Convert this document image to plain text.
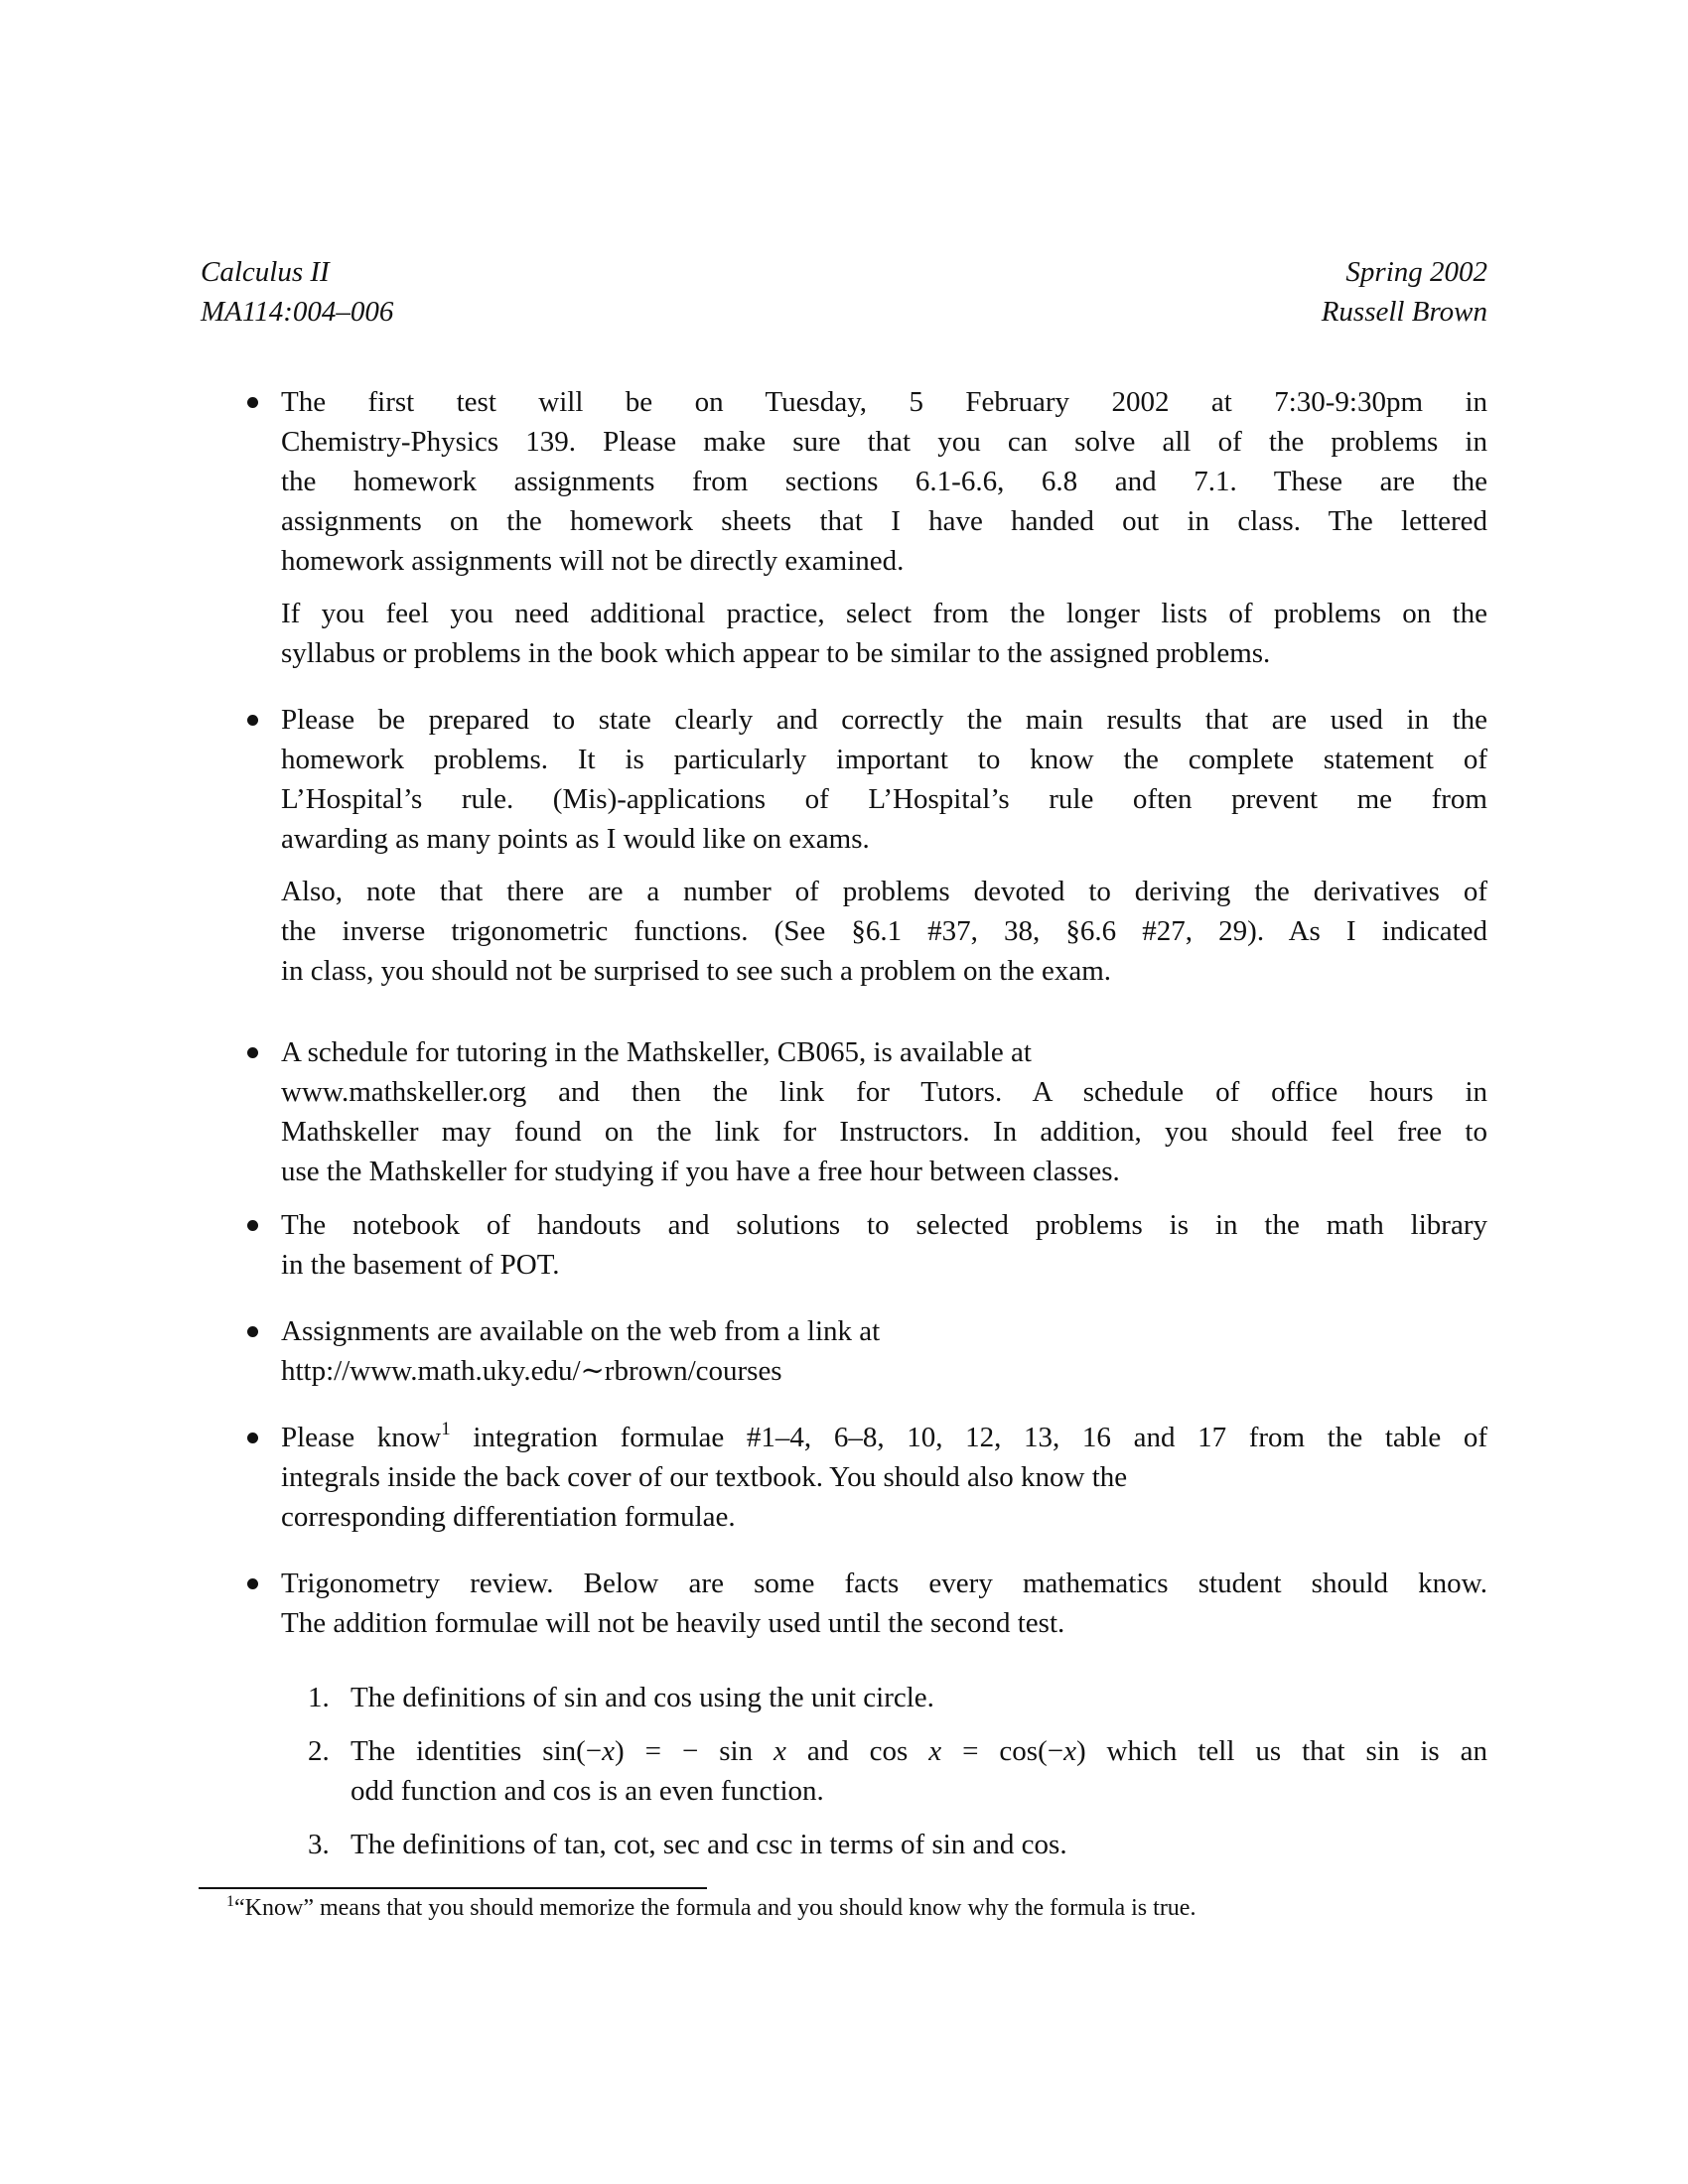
Calculus II
MA114:004–006
Spring 2002
Russell Brown
The first test will be on Tuesday, 5 February 2002 at 7:30-9:30pm in
Chemistry-Physics 139. Please make sure that you can solve all of the problems in
the homework assignments from sections 6.1-6.6, 6.8 and 7.1. These are the
assignments on the homework sheets that I have handed out in class. The lettered
homework assignments will not be directly examined.
If you feel you need additional practice, select from the longer lists of problems on the
syllabus or problems in the book which appear to be similar to the assigned problems.
Please be prepared to state clearly and correctly the main results that are used in the
homework problems. It is particularly important to know the complete statement of
L’Hospital’s rule. (Mis)-applications of L’Hospital’s rule often prevent me from
awarding as many points as I would like on exams.
Also, note that there are a number of problems devoted to deriving the derivatives of
the inverse trigonometric functions. (See §6.1 #37, 38, §6.6 #27, 29). As I indicated
in class, you should not be surprised to see such a problem on the exam.
A schedule for tutoring in the Mathskeller, CB065, is available at
www.mathskeller.org and then the link for Tutors. A schedule of office hours in
Mathskeller may found on the link for Instructors. In addition, you should feel free to
use the Mathskeller for studying if you have a free hour between classes.
The notebook of handouts and solutions to selected problems is in the math library
in the basement of POT.
Assignments are available on the web from a link at
http://www.math.uky.edu/∼rbrown/courses
Please know$^1$ integration formulae #1–4, 6–8, 10, 12, 13, 16 and 17 from the table of
integrals inside the back cover of our textbook. You should also know the
corresponding differentiation formulae.
Trigonometry review. Below are some facts every mathematics student should know.
The addition formulae will not be heavily used until the second test.
1. The definitions of sin and cos using the unit circle.
2. The identities sin(−x) = − sin x and cos x = cos(−x) which tell us that sin is an
odd function and cos is an even function.
3. The definitions of tan, cot, sec and csc in terms of sin and cos.
$^1$“Know” means that you should memorize the formula and you should know why the formula is true.
